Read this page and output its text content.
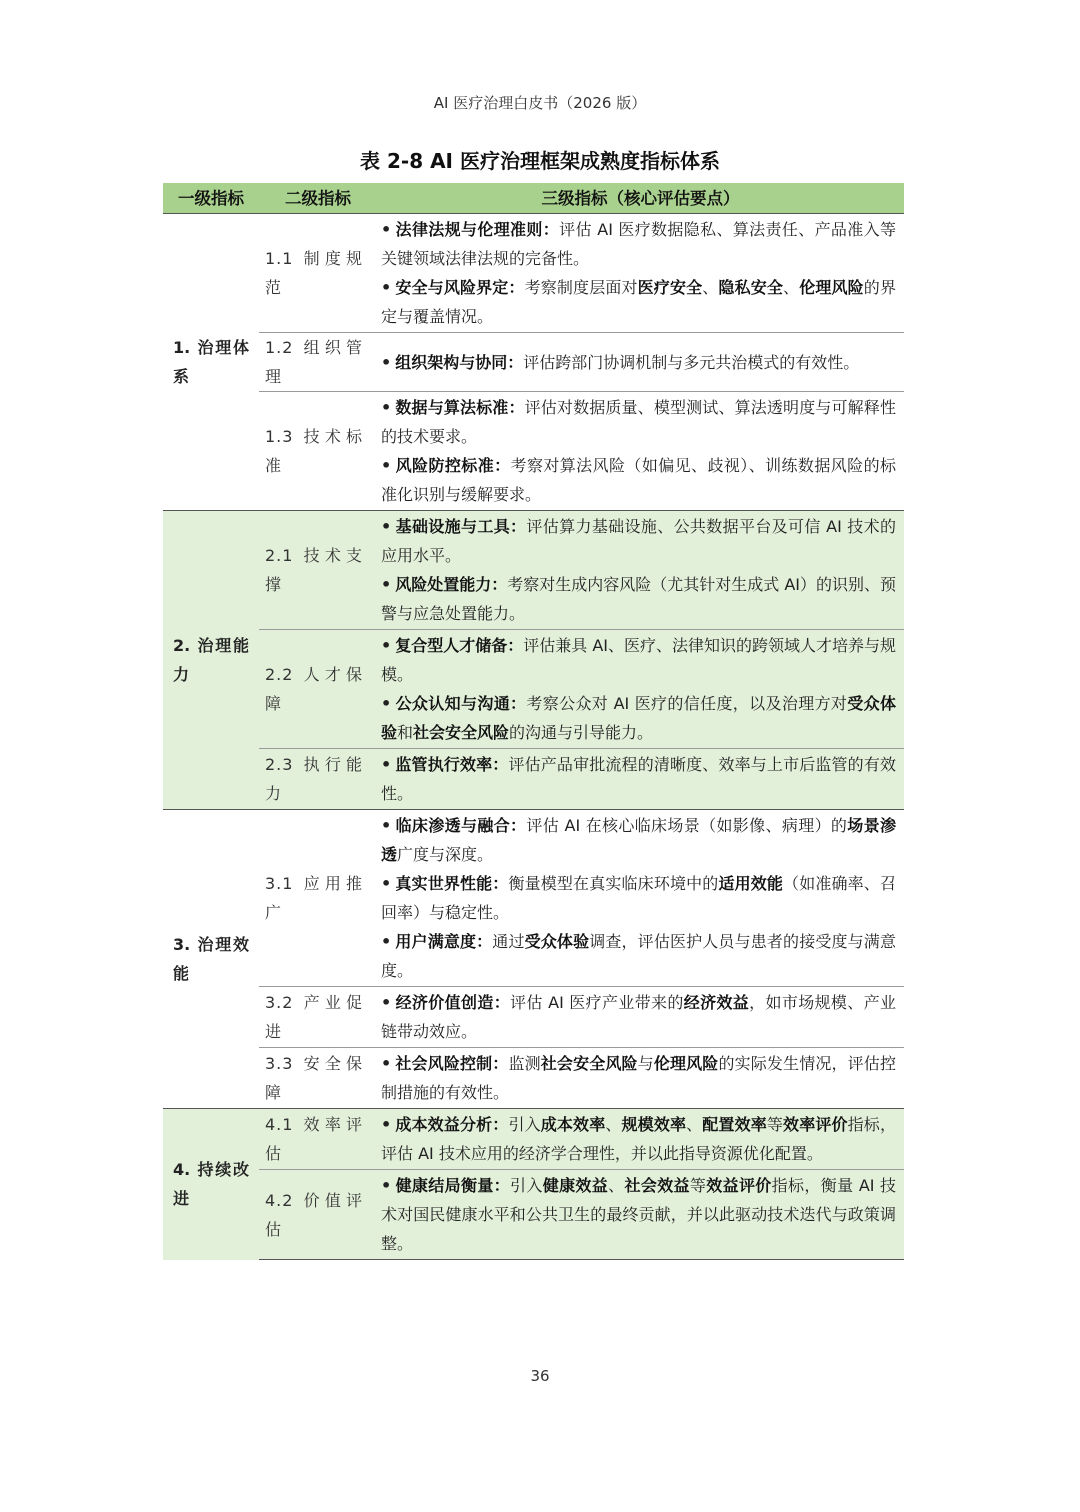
AI 医疗治理白皮书（2026 版）
表 2-8 AI 医疗治理框架成熟度指标体系
一级指标	二级指标	三级指标（核心评估要点）

1. 治理体系	1.1 制度规范	• 法律法规与伦理准则：评估 AI 医疗数据隐私、算法责任、产品准入等关键领域法律法规的完备性。
• 安全与风险界定：考察制度层面对医疗安全、隐私安全、伦理风险的界定与覆盖情况。

	1.2 组织管理	• 组织架构与协同：评估跨部门协调机制与多元共治模式的有效性。

	1.3 技术标准	• 数据与算法标准：评估对数据质量、模型测试、算法透明度与可解释性的技术要求。
• 风险防控标准：考察对算法风险（如偏见、歧视）、训练数据风险的标准化识别与缓解要求。

2. 治理能力	2.1 技术支撑	• 基础设施与工具：评估算力基础设施、公共数据平台及可信 AI 技术的应用水平。
• 风险处置能力：考察对生成内容风险（尤其针对生成式 AI）的识别、预警与应急处置能力。

	2.2 人才保障	• 复合型人才储备：评估兼具 AI、医疗、法律知识的跨领域人才培养与规模。
• 公众认知与沟通：考察公众对 AI 医疗的信任度，以及治理方对受众体验和社会安全风险的沟通与引导能力。

	2.3 执行能力	• 监管执行效率：评估产品审批流程的清晰度、效率与上市后监管的有效性。

3. 治理效能	3.1 应用推广	• 临床渗透与融合：评估 AI 在核心临床场景（如影像、病理）的场景渗透广度与深度。
• 真实世界性能：衡量模型在真实临床环境中的适用效能（如准确率、召回率）与稳定性。
• 用户满意度：通过受众体验调查，评估医护人员与患者的接受度与满意度。

	3.2 产业促进	• 经济价值创造：评估 AI 医疗产业带来的经济效益，如市场规模、产业链带动效应。

	3.3 安全保障	• 社会风险控制：监测社会安全风险与伦理风险的实际发生情况，评估控制措施的有效性。

4. 持续改进	4.1 效率评估	• 成本效益分析：引入成本效率、规模效率、配置效率等效率评价指标，评估 AI 技术应用的经济学合理性，并以此指导资源优化配置。

	4.2 价值评估	• 健康结局衡量：引入健康效益、社会效益等效益评价指标，衡量 AI 技术对国民健康水平和公共卫生的最终贡献，并以此驱动技术迭代与政策调整。
36
